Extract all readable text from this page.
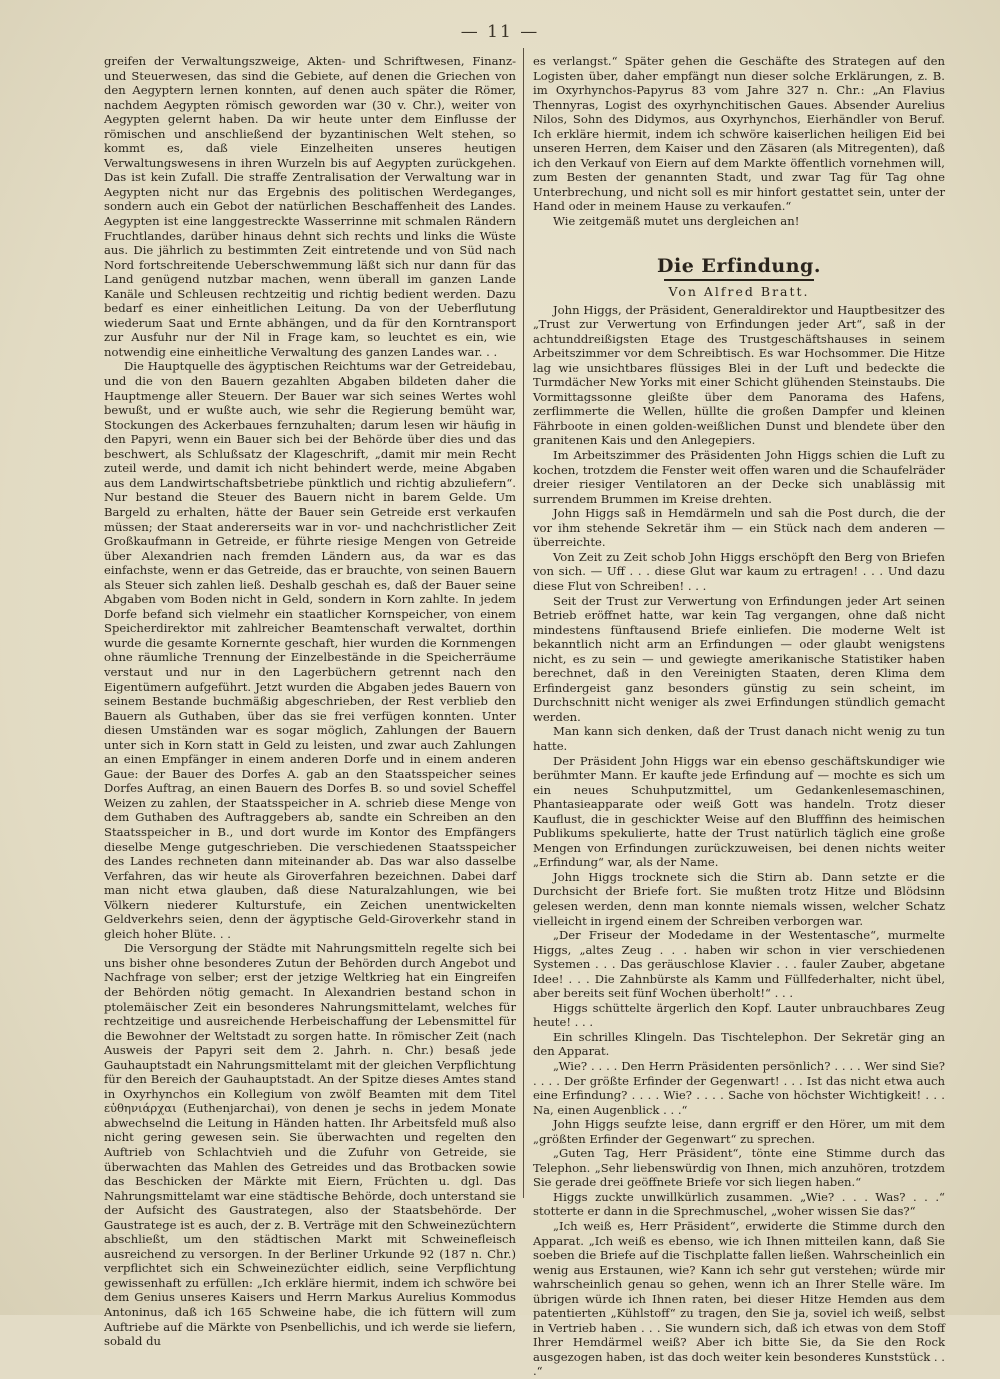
— 11 —

greifen der Verwaltungszweige, Akten- und Schriftwesen, Finanz- und Steuerwesen, das sind die Gebiete, auf denen die Griechen von den Aegyptern lernen konnten, auf denen auch später die Römer, nachdem Aegypten römisch geworden war (30 v. Chr.), weiter von Aegypten gelernt haben. Da wir heute unter dem Einflusse der römischen und anschließend der byzantinischen Welt stehen, so kommt es, daß viele Einzelheiten unseres heutigen Verwaltungswesens in ihren Wurzeln bis auf Aegypten zurückgehen. Das ist kein Zufall. Die straffe Zentralisation der Verwaltung war in Aegypten nicht nur das Ergebnis des politischen Werdeganges, sondern auch ein Gebot der natürlichen Beschaffenheit des Landes. Aegypten ist eine langgestreckte Wasserrinne mit schmalen Rändern Fruchtlandes, darüber hinaus dehnt sich rechts und links die Wüste aus. Die jährlich zu bestimmten Zeit eintretende und von Süd nach Nord fortschreitende Ueberschwemmung läßt sich nur dann für das Land genügend nutzbar machen, wenn überall im ganzen Lande Kanäle und Schleusen rechtzeitig und richtig bedient werden. Dazu bedarf es einer einheitlichen Leitung. Da von der Ueberflutung wiederum Saat und Ernte abhängen, und da für den Korntransport zur Ausfuhr nur der Nil in Frage kam, so leuchtet es ein, wie notwendig eine einheitliche Verwaltung des ganzen Landes war. . .

Die Hauptquelle des ägyptischen Reichtums war der Getreidebau, und die von den Bauern gezahlten Abgaben bildeten daher die Hauptmenge aller Steuern. Der Bauer war sich seines Wertes wohl bewußt, und er wußte auch, wie sehr die Regierung bemüht war, Stockungen des Ackerbaues fernzuhalten; darum lesen wir häufig in den Papyri, wenn ein Bauer sich bei der Behörde über dies und das beschwert, als Schlußsatz der Klageschrift, „damit mir mein Recht zuteil werde, und damit ich nicht behindert werde, meine Abgaben aus dem Landwirtschaftsbetriebe pünktlich und richtig abzuliefern“. Nur bestand die Steuer des Bauern nicht in barem Gelde. Um Bargeld zu erhalten, hätte der Bauer sein Getreide erst verkaufen müssen; der Staat andererseits war in vor- und nachchristlicher Zeit Großkaufmann in Getreide, er führte riesige Mengen von Getreide über Alexandrien nach fremden Ländern aus, da war es das einfachste, wenn er das Getreide, das er brauchte, von seinen Bauern als Steuer sich zahlen ließ. Deshalb geschah es, daß der Bauer seine Abgaben vom Boden nicht in Geld, sondern in Korn zahlte. In jedem Dorfe befand sich vielmehr ein staatlicher Kornspeicher, von einem Speicherdirektor mit zahlreicher Beamtenschaft verwaltet, dorthin wurde die gesamte Kornernte geschaft, hier wurden die Kornmengen ohne räumliche Trennung der Einzelbestände in die Speicherräume verstaut und nur in den Lagerbüchern getrennt nach den Eigentümern aufgeführt. Jetzt wurden die Abgaben jedes Bauern von seinem Bestande buchmäßig abgeschrieben, der Rest verblieb den Bauern als Guthaben, über das sie frei verfügen konnten. Unter diesen Umständen war es sogar möglich, Zahlungen der Bauern unter sich in Korn statt in Geld zu leisten, und zwar auch Zahlungen an einen Empfänger in einem anderen Dorfe und in einem anderen Gaue: der Bauer des Dorfes A. gab an den Staatsspeicher seines Dorfes Auftrag, an einen Bauern des Dorfes B. so und soviel Scheffel Weizen zu zahlen, der Staatsspeicher in A. schrieb diese Menge von dem Guthaben des Auftraggebers ab, sandte ein Schreiben an den Staatsspeicher in B., und dort wurde im Kontor des Empfängers dieselbe Menge gutgeschrieben. Die verschiedenen Staatsspeicher des Landes rechneten dann miteinander ab. Das war also dasselbe Verfahren, das wir heute als Giroverfahren bezeichnen. Dabei darf man nicht etwa glauben, daß diese Naturalzahlungen, wie bei Völkern niederer Kulturstufe, ein Zeichen unentwickelten Geldverkehrs seien, denn der ägyptische Geld-Giroverkehr stand in gleich hoher Blüte. . .

Die Versorgung der Städte mit Nahrungsmitteln regelte sich bei uns bisher ohne besonderes Zutun der Behörden durch Angebot und Nachfrage von selber; erst der jetzige Weltkrieg hat ein Eingreifen der Behörden nötig gemacht. In Alexandrien bestand schon in ptolemäischer Zeit ein besonderes Nahrungsmittelamt, welches für rechtzeitige und ausreichende Herbeischaffung der Lebensmittel für die Bewohner der Weltstadt zu sorgen hatte. In römischer Zeit (nach Ausweis der Papyri seit dem 2. Jahrh. n. Chr.) besaß jede Gauhauptstadt ein Nahrungsmittelamt mit der gleichen Verpflichtung für den Bereich der Gauhauptstadt. An der Spitze dieses Amtes stand in Oxyrhynchos ein Kollegium von zwölf Beamten mit dem Titel εὐθηνιάρχαι (Euthenjarchai), von denen je sechs in jedem Monate abwechselnd die Leitung in Händen hatten. Ihr Arbeitsfeld muß also nicht gering gewesen sein. Sie überwachten und regelten den Auftrieb von Schlachtvieh und die Zufuhr von Getreide, sie überwachten das Mahlen des Getreides und das Brotbacken sowie das Beschicken der Märkte mit Eiern, Früchten u. dgl. Das Nahrungsmittelamt war eine städtische Behörde, doch unterstand sie der Aufsicht des Gaustrategen, also der Staatsbehörde. Der Gaustratege ist es auch, der z. B. Verträge mit den Schweinezüchtern abschließt, um den städtischen Markt mit Schweinefleisch ausreichend zu versorgen. In der Berliner Urkunde 92 (187 n. Chr.) verpflichtet sich ein Schweinezüchter eidlich, seine Verpflichtung gewissenhaft zu erfüllen: „Ich erkläre hiermit, indem ich schwöre bei dem Genius unseres Kaisers und Herrn Markus Aurelius Kommodus Antoninus, daß ich 165 Schweine habe, die ich füttern will zum Auftriebe auf die Märkte von Psenbellichis, und ich werde sie liefern, sobald du

es verlangst.“ Später gehen die Geschäfte des Strategen auf den Logisten über, daher empfängt nun dieser solche Erklärungen, z. B. im Oxyrhynchos-Papyrus 83 vom Jahre 327 n. Chr.: „An Flavius Thennyras, Logist des oxyrhynchitischen Gaues. Absender Aurelius Nilos, Sohn des Didymos, aus Oxyrhynchos, Eierhändler von Beruf. Ich erkläre hiermit, indem ich schwöre kaiserlichen heiligen Eid bei unseren Herren, dem Kaiser und den Zäsaren (als Mitregenten), daß ich den Verkauf von Eiern auf dem Markte öffentlich vornehmen will, zum Besten der genannten Stadt, und zwar Tag für Tag ohne Unterbrechung, und nicht soll es mir hinfort gestattet sein, unter der Hand oder in meinem Hause zu verkaufen.“

Wie zeitgemäß mutet uns dergleichen an!

Die Erfindung.
Von Alfred Bratt.

John Higgs, der Präsident, Generaldirektor und Hauptbesitzer des „Trust zur Verwertung von Erfindungen jeder Art“, saß in der achtunddreißigsten Etage des Trustgeschäftshauses in seinem Arbeitszimmer vor dem Schreibtisch. Es war Hochsommer. Die Hitze lag wie unsichtbares flüssiges Blei in der Luft und bedeckte die Turmdächer New Yorks mit einer Schicht glühenden Steinstaubs. Die Vormittagssonne gleißte über dem Panorama des Hafens, zerflimmerte die Wellen, hüllte die großen Dampfer und kleinen Fährboote in einen golden-weißlichen Dunst und blendete über den granitenen Kais und den Anlegepiers.

Im Arbeitszimmer des Präsidenten John Higgs schien die Luft zu kochen, trotzdem die Fenster weit offen waren und die Schaufelräder dreier riesiger Ventilatoren an der Decke sich unablässig mit surrendem Brummen im Kreise drehten.

John Higgs saß in Hemdärmeln und sah die Post durch, die der vor ihm stehende Sekretär ihm — ein Stück nach dem anderen — überreichte.

Von Zeit zu Zeit schob John Higgs erschöpft den Berg von Briefen von sich. — Uff . . . diese Glut war kaum zu ertragen! . . . Und dazu diese Flut von Schreiben! . . .

Seit der Trust zur Verwertung von Erfindungen jeder Art seinen Betrieb eröffnet hatte, war kein Tag vergangen, ohne daß nicht mindestens fünftausend Briefe einliefen. Die moderne Welt ist bekanntlich nicht arm an Erfindungen — oder glaubt wenigstens nicht, es zu sein — und gewiegte amerikanische Statistiker haben berechnet, daß in den Vereinigten Staaten, deren Klima dem Erfindergeist ganz besonders günstig zu sein scheint, im Durchschnitt nicht weniger als zwei Erfindungen stündlich gemacht werden.

Man kann sich denken, daß der Trust danach nicht wenig zu tun hatte.

Der Präsident John Higgs war ein ebenso geschäftskundiger wie berühmter Mann. Er kaufte jede Erfindung auf — mochte es sich um ein neues Schuhputzmittel, um Gedankenlesemaschinen, Phantasieapparate oder weiß Gott was handeln. Trotz dieser Kauflust, die in geschickter Weise auf den Blufffinn des heimischen Publikums spekulierte, hatte der Trust natürlich täglich eine große Mengen von Erfindungen zurückzuweisen, bei denen nichts weiter „Erfindung“ war, als der Name.

John Higgs trocknete sich die Stirn ab. Dann setzte er die Durchsicht der Briefe fort. Sie mußten trotz Hitze und Blödsinn gelesen werden, denn man konnte niemals wissen, welcher Schatz vielleicht in irgend einem der Schreiben verborgen war.

„Der Friseur der Modedame in der Westentasche“, murmelte Higgs, „altes Zeug . . . haben wir schon in vier verschiedenen Systemen . . . Das geräuschlose Klavier . . . fauler Zauber, abgetane Idee! . . . Die Zahnbürste als Kamm und Füllfederhalter, nicht übel, aber bereits seit fünf Wochen überholt!“ . . .

Higgs schüttelte ärgerlich den Kopf. Lauter unbrauchbares Zeug heute! . . .

Ein schrilles Klingeln. Das Tischtelephon. Der Sekretär ging an den Apparat.

„Wie? . . . . Den Herrn Präsidenten persönlich? . . . . Wer sind Sie? . . . . Der größte Erfinder der Gegenwart! . . . Ist das nicht etwa auch eine Erfindung? . . . . Wie? . . . . Sache von höchster Wichtigkeit! . . . Na, einen Augenblick . . .“

John Higgs seufzte leise, dann ergriff er den Hörer, um mit dem „größten Erfinder der Gegenwart“ zu sprechen.

„Guten Tag, Herr Präsident“, tönte eine Stimme durch das Telephon. „Sehr liebenswürdig von Ihnen, mich anzuhören, trotzdem Sie gerade drei geöffnete Briefe vor sich liegen haben.“

Higgs zuckte unwillkürlich zusammen. „Wie? . . . Was? . . .“ stotterte er dann in die Sprechmuschel, „woher wissen Sie das?“

„Ich weiß es, Herr Präsident“, erwiderte die Stimme durch den Apparat. „Ich weiß es ebenso, wie ich Ihnen mitteilen kann, daß Sie soeben die Briefe auf die Tischplatte fallen ließen. Wahrscheinlich ein wenig aus Erstaunen, wie? Kann ich sehr gut verstehen; würde mir wahrscheinlich genau so gehen, wenn ich an Ihrer Stelle wäre. Im übrigen würde ich Ihnen raten, bei dieser Hitze Hemden aus dem patentierten „Kühlstoff“ zu tragen, den Sie ja, soviel ich weiß, selbst in Vertrieb haben . . . Sie wundern sich, daß ich etwas von dem Stoff Ihrer Hemdärmel weiß? Aber ich bitte Sie, da Sie den Rock ausgezogen haben, ist das doch weiter kein besonderes Kunststück . . .“
